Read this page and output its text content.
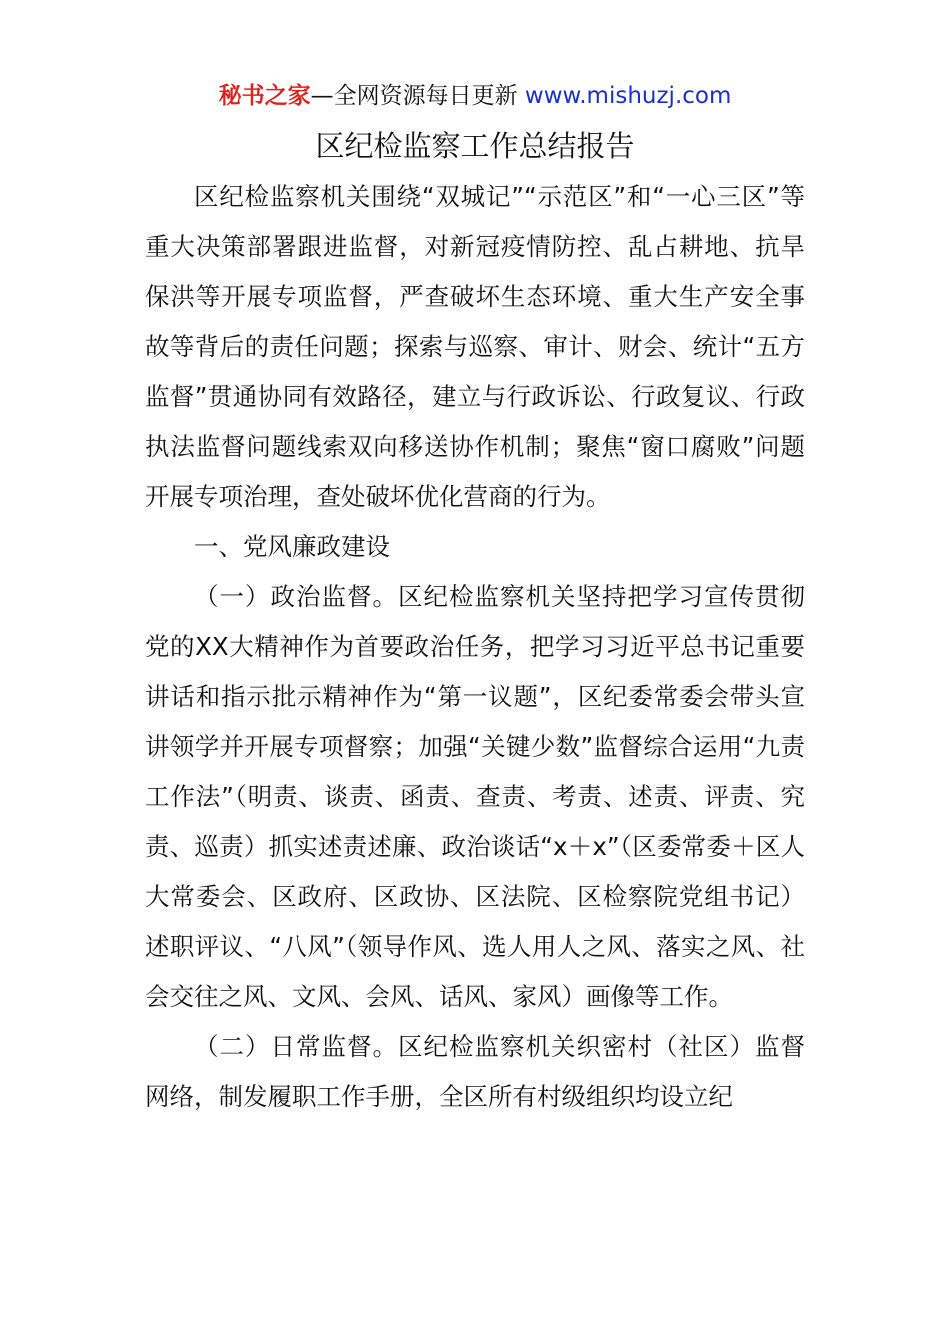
秘书之家—全网资源每日更新 www.mishuzj.com
区纪检监察工作总结报告

区纪检监察机关围绕“双城记”“示范区”和“一心三区”等重大决策部署跟进监督，对新冠疫情防控、乱占耕地、抗旱保洪等开展专项监督，严查破坏生态环境、重大生产安全事故等背后的责任问题；探索与巡察、审计、财会、统计“五方监督”贯通协同有效路径，建立与行政诉讼、行政复议、行政执法监督问题线索双向移送协作机制；聚焦“窗口腐败”问题开展专项治理，查处破坏优化营商的行为。

一、党风廉政建设

（一）政治监督。区纪检监察机关坚持把学习宣传贯彻党的XX大精神作为首要政治任务，把学习习近平总书记重要讲话和指示批示精神作为“第一议题”，区纪委常委会带头宣讲领学并开展专项督察；加强“关键少数”监督综合运用“九责工作法”（明责、谈责、函责、查责、考责、述责、评责、究责、巡责）抓实述责述廉、政治谈话“x＋x”（区委常委＋区人大常委会、区政府、区政协、区法院、区检察院党组书记）述职评议、“八风”（领导作风、选人用人之风、落实之风、社会交往之风、文风、会风、话风、家风）画像等工作。

（二）日常监督。区纪检监察机关织密村（社区）监督网络，制发履职工作手册，全区所有村级组织均设立纪
